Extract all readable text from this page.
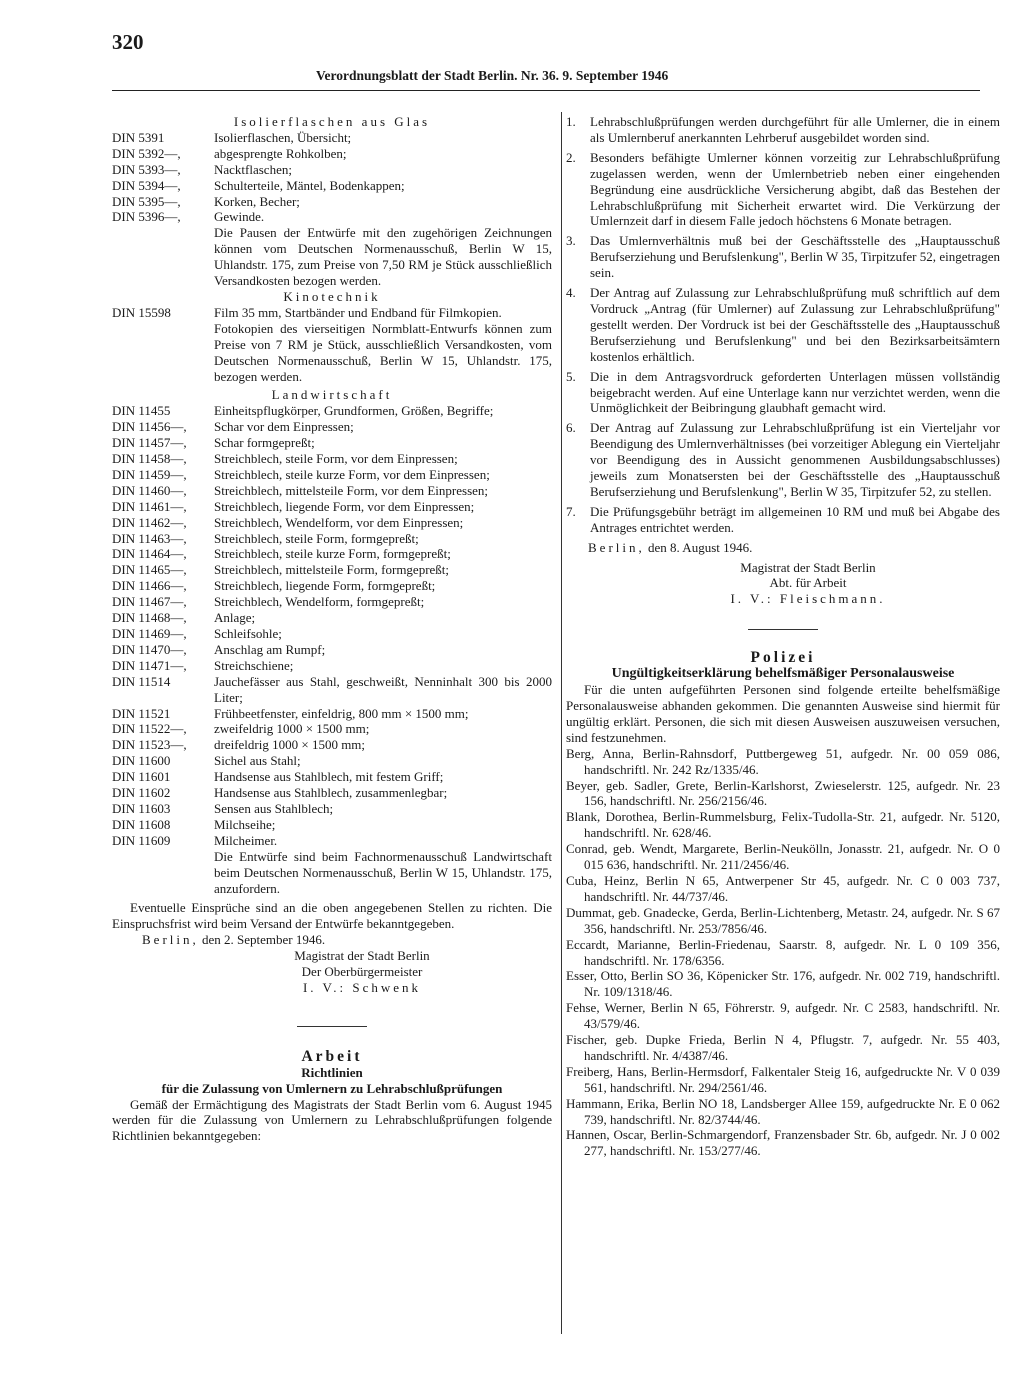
320
Verordnungsblatt der Stadt Berlin. Nr. 36. 9. September 1946
Isolierflaschen aus Glas
DIN 5391	Isolierflaschen, Übersicht;
DIN 5392—,	abgesprengte Rohkolben;
DIN 5393—,	Nacktflaschen;
DIN 5394—,	Schulterteile, Mäntel, Bodenkappen;
DIN 5395—,	Korken, Becher;
DIN 5396—,	Gewinde.
Die Pausen der Entwürfe mit den zugehörigen Zeichnungen können vom Deutschen Normenausschuß, Berlin W 15, Uhlandstr. 175, zum Preise von 7,50 RM je Stück ausschließlich Versandkosten bezogen werden.
Kinotechnik
DIN 15598	Film 35 mm, Startbänder und Endband für Filmkopien.
Fotokopien des vierseitigen Normblatt-Entwurfs können zum Preise von 7 RM je Stück, ausschließlich Versandkosten, vom Deutschen Normenausschuß, Berlin W 15, Uhlandstr. 175, bezogen werden.
Landwirtschaft
DIN 11455	Einheitspflugkörper, Grundformen, Größen, Begriffe;
DIN 11456—,	Schar vor dem Einpressen;
DIN 11457—,	Schar formgepreßt;
DIN 11458—,	Streichblech, steile Form, vor dem Einpressen;
DIN 11459—,	Streichblech, steile kurze Form, vor dem Einpressen;
DIN 11460—,	Streichblech, mittelsteile Form, vor dem Einpressen;
DIN 11461—,	Streichblech, liegende Form, vor dem Einpressen;
DIN 11462—,	Streichblech, Wendelform, vor dem Einpressen;
DIN 11463—,	Streichblech, steile Form, formgepreßt;
DIN 11464—,	Streichblech, steile kurze Form, formgepreßt;
DIN 11465—,	Streichblech, mittelsteile Form, formgepreßt;
DIN 11466—,	Streichblech, liegende Form, formgepreßt;
DIN 11467—,	Streichblech, Wendelform, formgepreßt;
DIN 11468—,	Anlage;
DIN 11469—,	Schleifsohle;
DIN 11470—,	Anschlag am Rumpf;
DIN 11471—,	Streichschiene;
DIN 11514	Jauchefässer aus Stahl, geschweißt, Nenninhalt 300 bis 2000 Liter;
DIN 11521	Frühbeetfenster, einfeldrig, 800 mm × 1500 mm;
DIN 11522—,	zweifeldrig 1000 × 1500 mm;
DIN 11523—,	dreifeldrig 1000 × 1500 mm;
DIN 11600	Sichel aus Stahl;
DIN 11601	Handsense aus Stahlblech, mit festem Griff;
DIN 11602	Handsense aus Stahlblech, zusammenlegbar;
DIN 11603	Sensen aus Stahlblech;
DIN 11608	Milchseihe;
DIN 11609	Milcheimer.
Die Entwürfe sind beim Fachnormenausschuß Landwirtschaft beim Deutschen Normenausschuß, Berlin W 15, Uhlandstr. 175, anzufordern.
Eventuelle Einsprüche sind an die oben angegebenen Stellen zu richten. Die Einspruchsfrist wird beim Versand der Entwürfe bekanntgegeben.
Berlin, den 2. September 1946.
Magistrat der Stadt Berlin
Der Oberbürgermeister
I. V.: Schwenk
Arbeit
Richtlinien
für die Zulassung von Umlernern zu Lehrabschlußprüfungen
Gemäß der Ermächtigung des Magistrats der Stadt Berlin vom 6. August 1945 werden für die Zulassung von Umlernern zu Lehrabschlußprüfungen folgende Richtlinien bekanntgegeben:
1.	Lehrabschlußprüfungen werden durchgeführt für alle Umlerner, die in einem als Umlernberuf anerkannten Lehrberuf ausgebildet worden sind.
2.	Besonders befähigte Umlerner können vorzeitig zur Lehrabschlußprüfung zugelassen werden, wenn der Umlernbetrieb neben einer eingehenden Begründung eine ausdrückliche Versicherung abgibt, daß das Bestehen der Lehrabschlußprüfung mit Sicherheit erwartet wird. Die Verkürzung der Umlernzeit darf in diesem Falle jedoch höchstens 6 Monate betragen.
3.	Das Umlernverhältnis muß bei der Geschäftsstelle des „Hauptausschuß Berufserziehung und Berufslenkung", Berlin W 35, Tirpitzufer 52, eingetragen sein.
4.	Der Antrag auf Zulassung zur Lehrabschlußprüfung muß schriftlich auf dem Vordruck „Antrag (für Umlerner) auf Zulassung zur Lehrabschlußprüfung" gestellt werden. Der Vordruck ist bei der Geschäftsstelle des „Hauptausschuß Berufserziehung und Berufslenkung" und bei den Bezirksarbeitsämtern kostenlos erhältlich.
5.	Die in dem Antragsvordruck geforderten Unterlagen müssen vollständig beigebracht werden. Auf eine Unterlage kann nur verzichtet werden, wenn die Unmöglichkeit der Beibringung glaubhaft gemacht wird.
6.	Der Antrag auf Zulassung zur Lehrabschlußprüfung ist ein Vierteljahr vor Beendigung des Umlernverhältnisses (bei vorzeitiger Ablegung ein Vierteljahr vor Beendigung des in Aussicht genommenen Ausbildungsabschlusses) jeweils zum Monatsersten bei der Geschäftsstelle des „Hauptausschuß Berufserziehung und Berufslenkung", Berlin W 35, Tirpitzufer 52, zu stellen.
7.	Die Prüfungsgebühr beträgt im allgemeinen 10 RM und muß bei Abgabe des Antrages entrichtet werden.
Berlin, den 8. August 1946.
Magistrat der Stadt Berlin
Abt. für Arbeit
I. V.: Fleischmann.
Polizei
Ungültigkeitserklärung behelfsmäßiger Personalausweise
Für die unten aufgeführten Personen sind folgende erteilte behelfsmäßige Personalausweise abhanden gekommen. Die genannten Ausweise sind hiermit für ungültig erklärt. Personen, die sich mit diesen Ausweisen auszuweisen versuchen, sind festzunehmen.
Berg, Anna, Berlin-Rahnsdorf, Puttbergeweg 51, aufgedr. Nr. 00 059 086, handschriftl. Nr. 242 Rz/1335/46.
Beyer, geb. Sadler, Grete, Berlin-Karlshorst, Zwieselerstr. 125, aufgedr. Nr. 23 156, handschriftl. Nr. 256/2156/46.
Blank, Dorothea, Berlin-Rummelsburg, Felix-Tudolla-Str. 21, aufgedr. Nr. 5120, handschriftl. Nr. 628/46.
Conrad, geb. Wendt, Margarete, Berlin-Neukölln, Jonasstr. 21, aufgedr. Nr. O 0 015 636, handschriftl. Nr. 211/2456/46.
Cuba, Heinz, Berlin N 65, Antwerpener Str 45, aufgedr. Nr. C 0 003 737, handschriftl. Nr. 44/737/46.
Dummat, geb. Gnadecke, Gerda, Berlin-Lichtenberg, Metastr. 24, aufgedr. Nr. S 67 356, handschriftl. Nr. 253/7856/46.
Eccardt, Marianne, Berlin-Friedenau, Saarstr. 8, aufgedr. Nr. L 0 109 356, handschriftl. Nr. 178/6356.
Esser, Otto, Berlin SO 36, Köpenicker Str. 176, aufgedr. Nr. 002 719, handschriftl. Nr. 109/1318/46.
Fehse, Werner, Berlin N 65, Föhrerstr. 9, aufgedr. Nr. C 2583, handschriftl. Nr. 43/579/46.
Fischer, geb. Dupke Frieda, Berlin N 4, Pflugstr. 7, aufgedr. Nr. 55 403, handschriftl. Nr. 4/4387/46.
Freiberg, Hans, Berlin-Hermsdorf, Falkentaler Steig 16, aufgedruckte Nr. V 0 039 561, handschriftl. Nr. 294/2561/46.
Hammann, Erika, Berlin NO 18, Landsberger Allee 159, aufgedruckte Nr. E 0 062 739, handschriftl. Nr. 82/3744/46.
Hannen, Oscar, Berlin-Schmargendorf, Franzensbader Str. 6b, aufgedr. Nr. J 0 002 277, handschriftl. Nr. 153/277/46.
